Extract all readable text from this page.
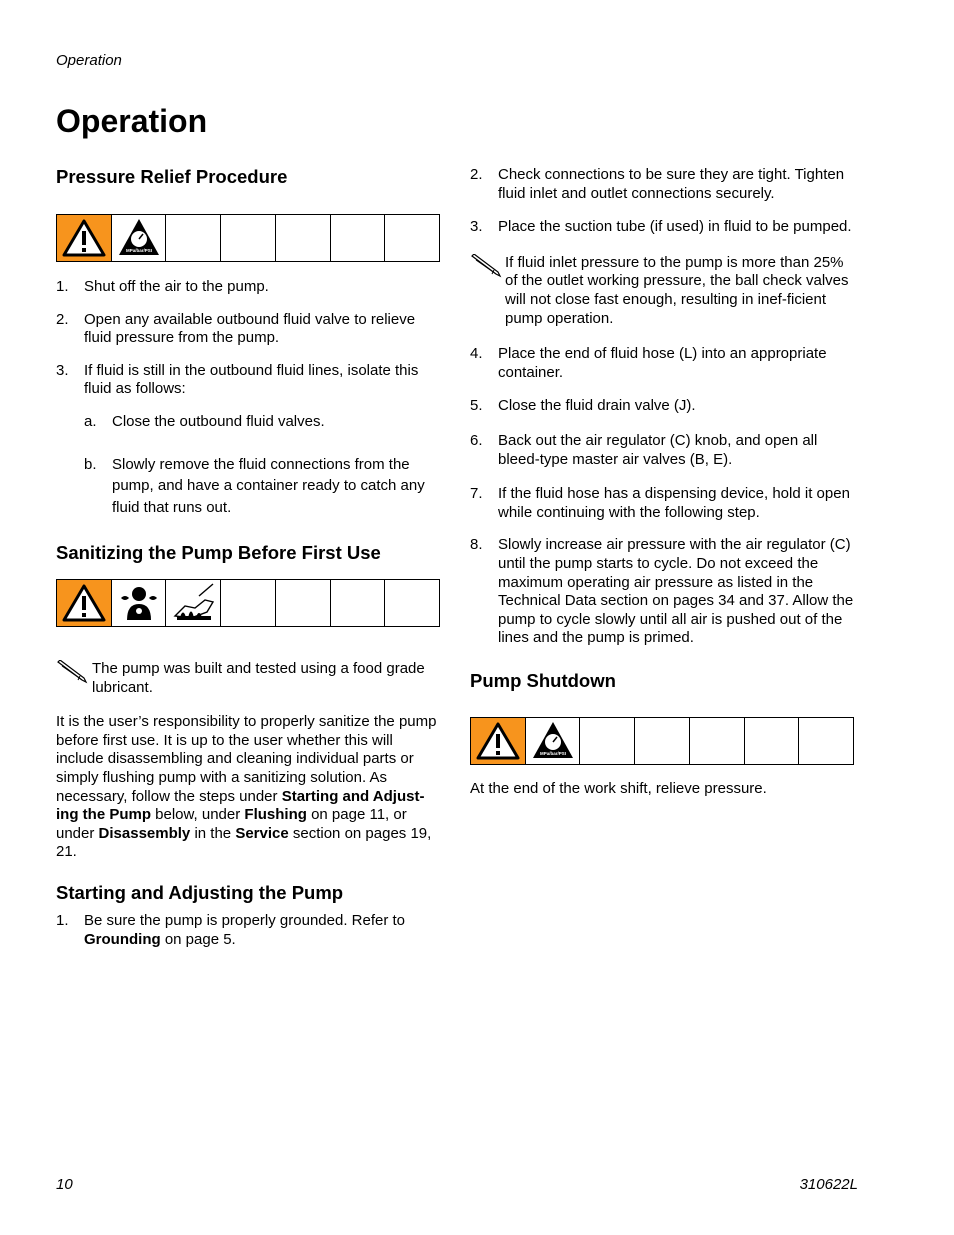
Operation
Operation
Pressure Relief Procedure
MPa/bar/PSI
1. Shut off the air to the pump.
2. Open any available outbound fluid valve to relieve fluid pressure from the pump.
3. If fluid is still in the outbound fluid lines, isolate this fluid as follows:
a. Close the outbound fluid valves.
b. Slowly remove the fluid connections from the pump, and have a container ready to catch any fluid that runs out.
Sanitizing the Pump Before First Use
The pump was built and tested using a food grade lubricant.

It is the user’s responsibility to properly sanitize the pump before first use. It is up to the user whether this will include disassembling and cleaning individual parts or simply flushing pump with a sanitizing solution. As necessary, follow the steps under Starting and Adjust-ing the Pump below, under Flushing on page 11, or under Disassembly in the Service section on pages 19, 21.

Starting and Adjusting the Pump
1. Be sure the pump is properly grounded. Refer to Grounding on page 5.
2. Check connections to be sure they are tight. Tighten fluid inlet and outlet connections securely.
3. Place the suction tube (if used) in fluid to be pumped.
If fluid inlet pressure to the pump is more than 25% of the outlet working pressure, the ball check valves will not close fast enough, resulting in inef-ficient pump operation.
4. Place the end of fluid hose (L) into an appropriate container.
5. Close the fluid drain valve (J).
6. Back out the air regulator (C) knob, and open all bleed-type master air valves (B, E).
7. If the fluid hose has a dispensing device, hold it open while continuing with the following step.
8. Slowly increase air pressure with the air regulator (C) until the pump starts to cycle. Do not exceed the maximum operating air pressure as listed in the Technical Data section on pages 34 and 37. Allow the pump to cycle slowly until all air is pushed out of the lines and the pump is primed.
Pump Shutdown
MPa/bar/PSI

At the end of the work shift, relieve pressure.

10	310622L
